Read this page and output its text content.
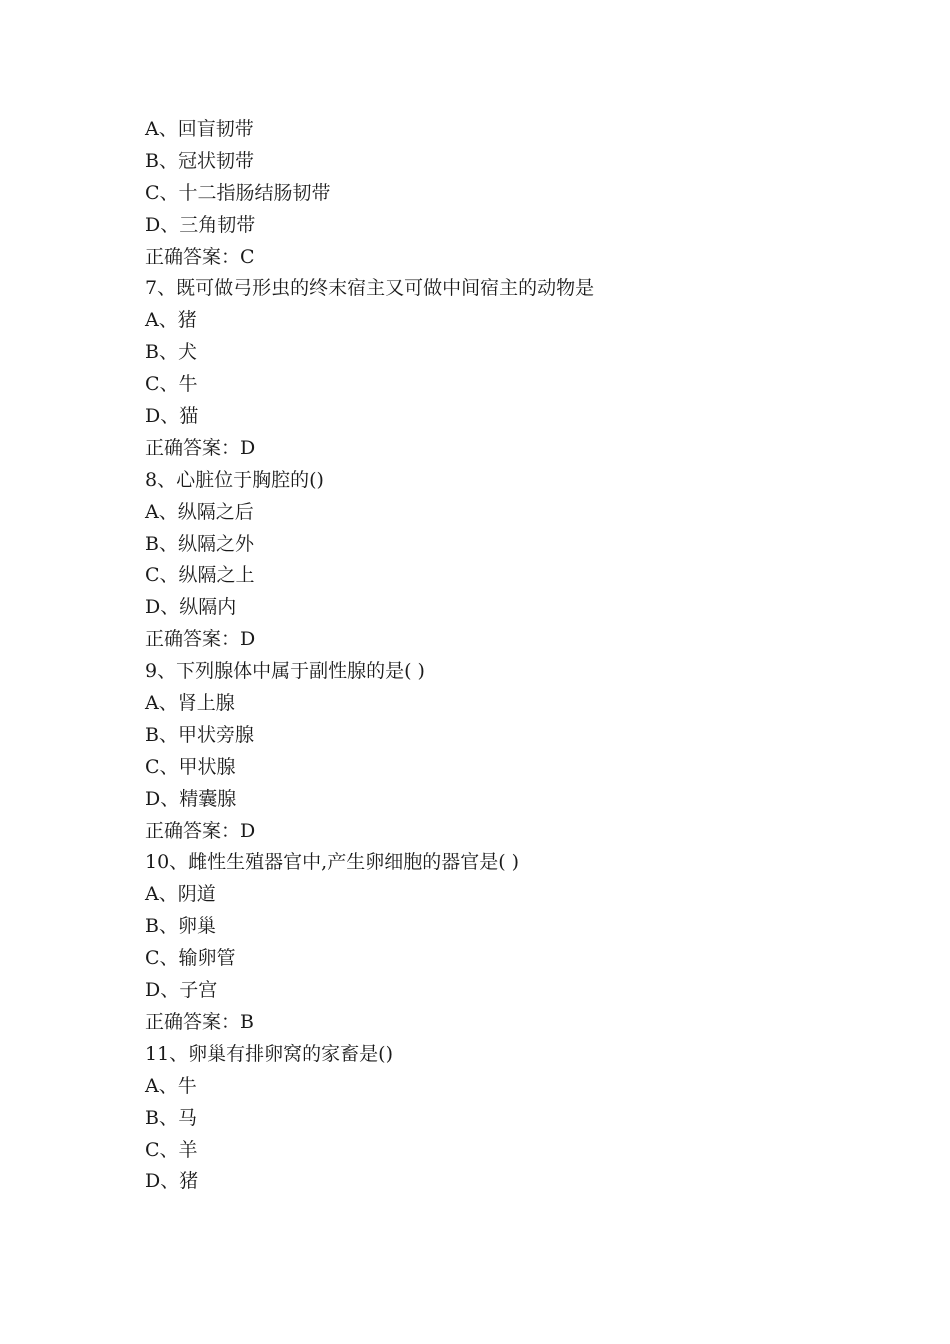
A、回盲韧带
B、冠状韧带
C、十二指肠结肠韧带
D、三角韧带
正确答案：C
7、既可做弓形虫的终末宿主又可做中间宿主的动物是
A、猪
B、犬
C、牛
D、猫
正确答案：D
8、心脏位于胸腔的()
A、纵隔之后
B、纵隔之外
C、纵隔之上
D、纵隔内
正确答案：D
9、下列腺体中属于副性腺的是( )
A、肾上腺
B、甲状旁腺
C、甲状腺
D、精囊腺
正确答案：D
10、雌性生殖器官中,产生卵细胞的器官是( )
A、阴道
B、卵巢
C、输卵管
D、子宫
正确答案：B
11、卵巢有排卵窝的家畜是()
A、牛
B、马
C、羊
D、猪
